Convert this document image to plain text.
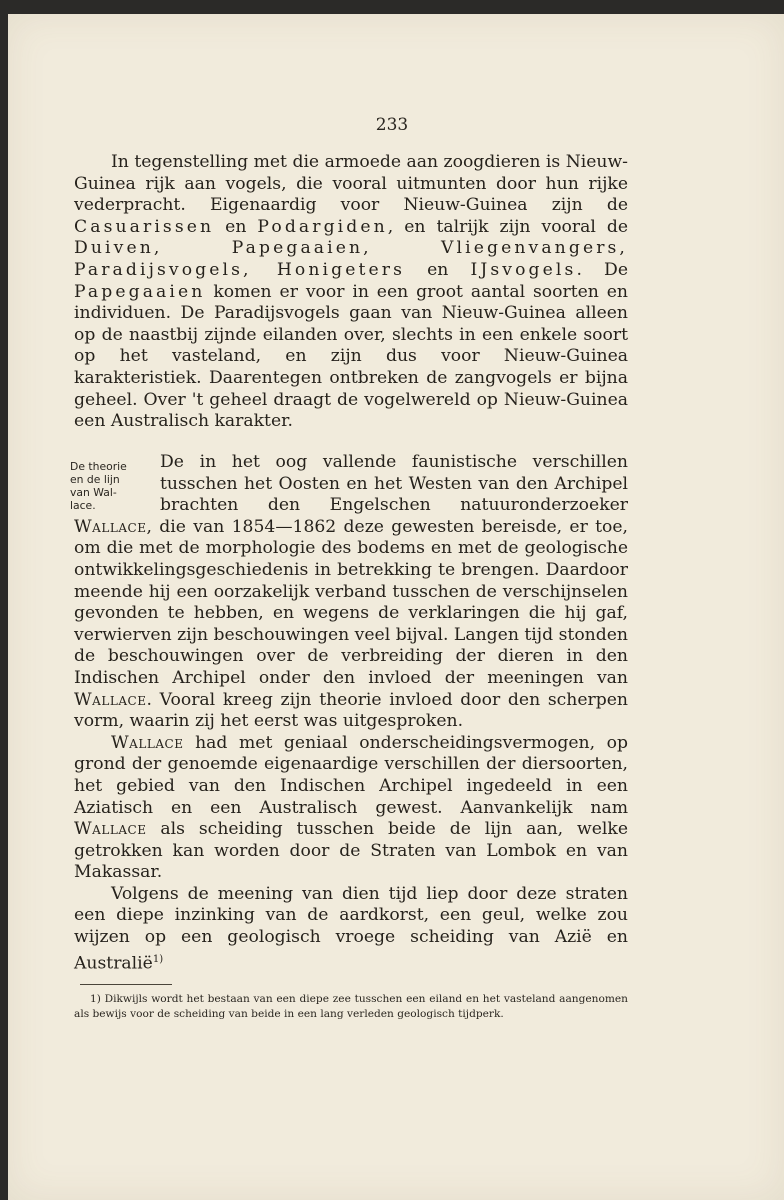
233

In tegenstelling met die armoede aan zoogdieren is Nieuw-Guinea rijk aan vogels, die vooral uitmunten door hun rijke vederpracht. Eigenaardig voor Nieuw-Guinea zijn de Casuarissen en Podargiden, en talrijk zijn vooral de Duiven, Papegaaien, Vliegenvangers, Paradijsvogels, Honigeters en IJsvogels. De Papegaaien komen er voor in een groot aantal soorten en individuen. De Paradijsvogels gaan van Nieuw-Guinea alleen op de naastbij zijnde eilanden over, slechts in een enkele soort op het vasteland, en zijn dus voor Nieuw-Guinea karakteristiek. Daarentegen ontbreken de zangvogels er bijna geheel. Over 't geheel draagt de vogelwereld op Nieuw-Guinea een Australisch karakter.

De theorie
en de lijn
van Wal-
lace.

De in het oog vallende faunistische verschillen tusschen het Oosten en het Westen van den Archipel brachten den Engelschen natuuronderzoeker Wallace, die van 1854—1862 deze gewesten bereisde, er toe, om die met de morphologie des bodems en met de geologische ontwikkelingsgeschiedenis in betrekking te brengen. Daardoor meende hij een oorzakelijk verband tusschen de verschijnselen gevonden te hebben, en wegens de verklaringen die hij gaf, verwierven zijn beschouwingen veel bijval. Langen tijd stonden de beschouwingen over de verbreiding der dieren in den Indischen Archipel onder den invloed der meeningen van Wallace. Vooral kreeg zijn theorie invloed door den scherpen vorm, waarin zij het eerst was uitgesproken.

Wallace had met geniaal onderscheidingsvermogen, op grond der genoemde eigenaardige verschillen der diersoorten, het gebied van den Indischen Archipel ingedeeld in een Aziatisch en een Australisch gewest. Aanvankelijk nam Wallace als scheiding tusschen beide de lijn aan, welke getrokken kan worden door de Straten van Lombok en van Makassar.

Volgens de meening van dien tijd liep door deze straten een diepe inzinking van de aardkorst, een geul, welke zou wijzen op een geologisch vroege scheiding van Azië en Australië$^{1)}$

1) Dikwijls wordt het bestaan van een diepe zee tusschen een eiland en het vasteland aangenomen als bewijs voor de scheiding van beide in een lang verleden geologisch tijdperk.
